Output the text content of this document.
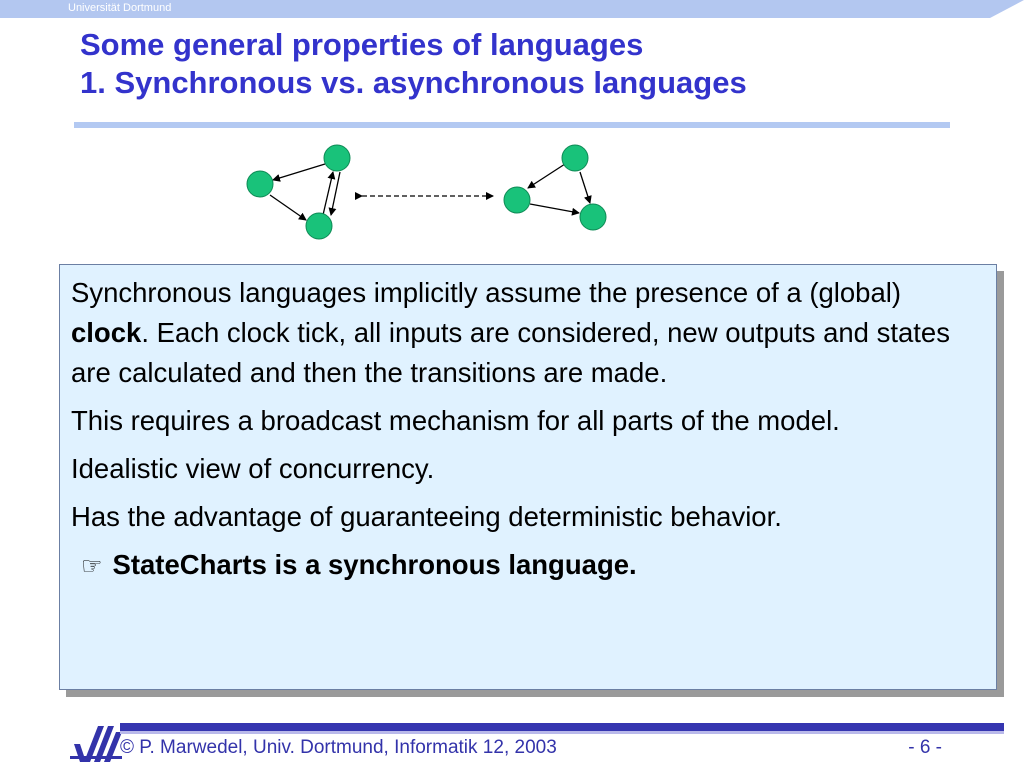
Universität Dortmund
Some general properties of languages
1. Synchronous vs. asynchronous languages

Synchronous languages implicitly assume the presence of a (global) clock. Each clock tick, all inputs are considered, new outputs and states are calculated and then the transitions are made.

This requires a broadcast mechanism for all parts of the model.

Idealistic view of concurrency.

Has the advantage of guaranteeing deterministic behavior.

☞ StateCharts is a synchronous language.
© P. Marwedel, Univ. Dortmund, Informatik 12, 2003	- 6 -
